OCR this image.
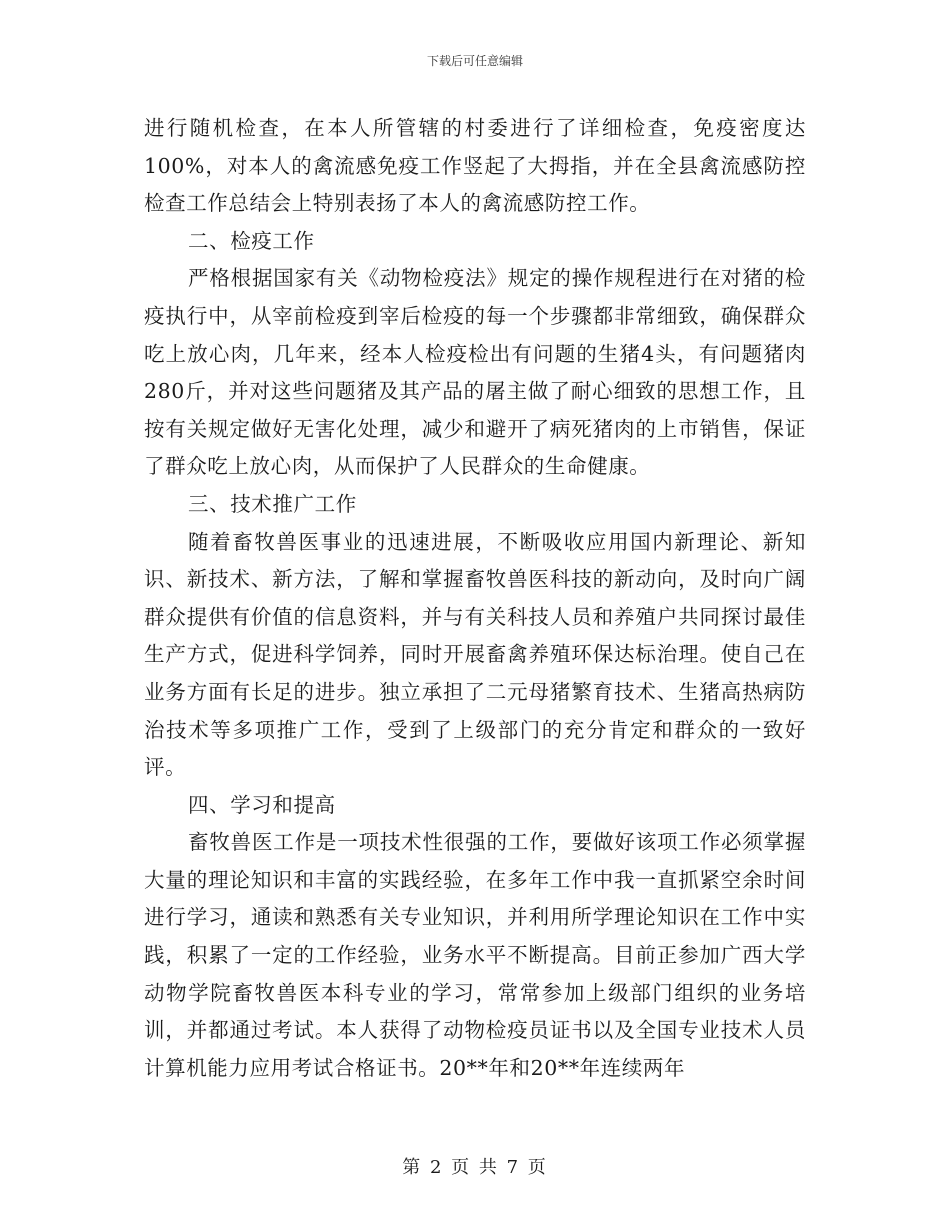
下载后可任意编辑

进行随机检查，在本人所管辖的村委进行了详细检查，免疫密度达100%，对本人的禽流感免疫工作竖起了大拇指，并在全县禽流感防控检查工作总结会上特别表扬了本人的禽流感防控工作。

二、检疫工作

严格根据国家有关《动物检疫法》规定的操作规程进行在对猪的检疫执行中，从宰前检疫到宰后检疫的每一个步骤都非常细致，确保群众吃上放心肉，几年来，经本人检疫检出有问题的生猪4头，有问题猪肉280斤，并对这些问题猪及其产品的屠主做了耐心细致的思想工作，且按有关规定做好无害化处理，减少和避开了病死猪肉的上市销售，保证了群众吃上放心肉，从而保护了人民群众的生命健康。

三、技术推广工作

随着畜牧兽医事业的迅速进展，不断吸收应用国内新理论、新知识、新技术、新方法，了解和掌握畜牧兽医科技的新动向，及时向广阔群众提供有价值的信息资料，并与有关科技人员和养殖户共同探讨最佳生产方式，促进科学饲养，同时开展畜禽养殖环保达标治理。使自己在业务方面有长足的进步。独立承担了二元母猪繁育技术、生猪高热病防治技术等多项推广工作，受到了上级部门的充分肯定和群众的一致好评。

四、学习和提高

畜牧兽医工作是一项技术性很强的工作，要做好该项工作必须掌握大量的理论知识和丰富的实践经验，在多年工作中我一直抓紧空余时间进行学习，通读和熟悉有关专业知识，并利用所学理论知识在工作中实践，积累了一定的工作经验，业务水平不断提高。目前正参加广西大学动物学院畜牧兽医本科专业的学习，常常参加上级部门组织的业务培训，并都通过考试。本人获得了动物检疫员证书以及全国专业技术人员计算机能力应用考试合格证书。20**年和20**年连续两年

第 2 页 共 7 页
